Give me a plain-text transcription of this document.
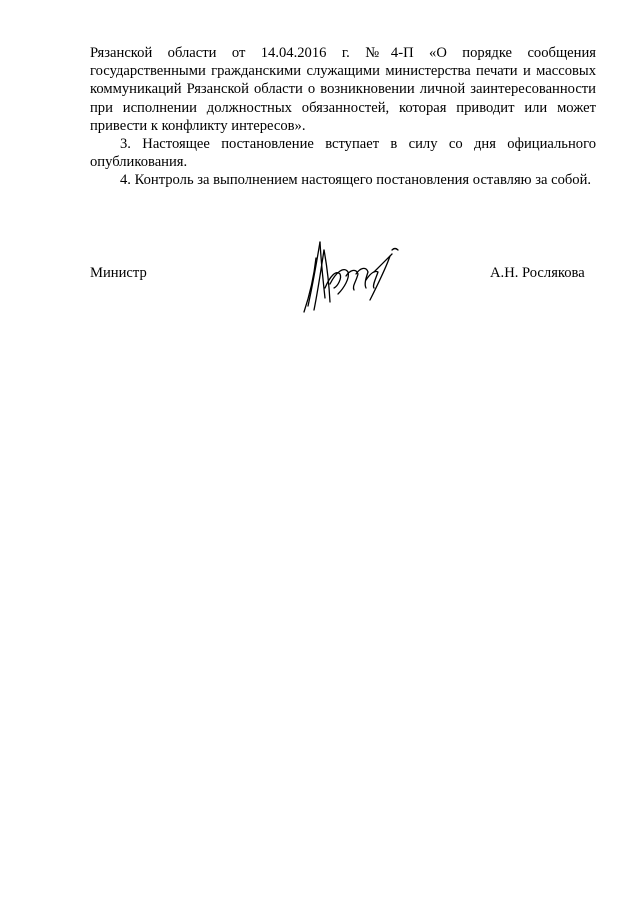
Рязанской области от 14.04.2016 г. №4-П «О порядке сообщения государственными гражданскими служащими министерства печати и массовых коммуникаций Рязанской области о возникновении личной заинтересованности при исполнении должностных обязанностей, которая приводит или может привести к конфликту интересов».

3. Настоящее постановление вступает в силу со дня официального опубликования.

4. Контроль за выполнением настоящего постановления оставляю за собой.

Министр	А.Н. Рослякова
